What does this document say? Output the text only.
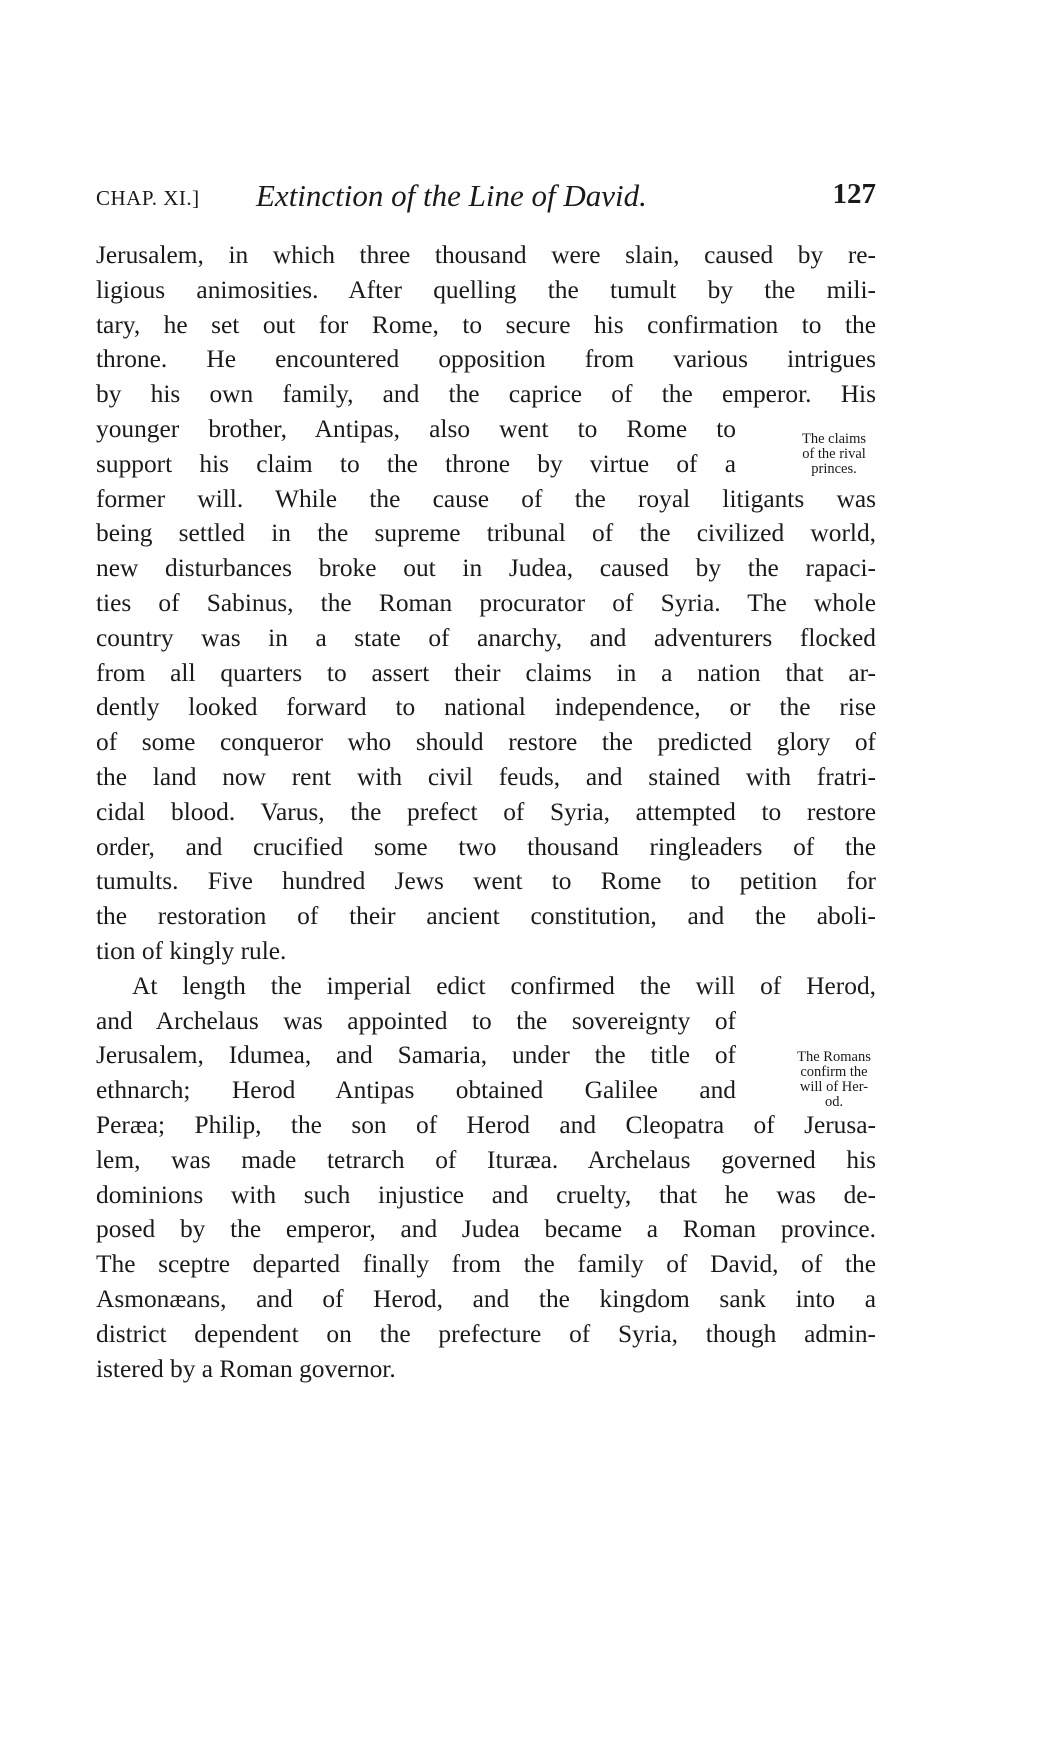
CHAP. XI.] Extinction of the Line of David.	127

Jerusalem, in which three thousand were slain, caused by re-
ligious animosities. After quelling the tumult by the mili-
tary, he set out for Rome, to secure his confirmation to the
throne. He encountered opposition from various intrigues
by his own family, and the caprice of the emperor. His
younger brother, Antipas, also went to Rome to
support his claim to the throne by virtue of a
former will. While the cause of the royal litigants was
being settled in the supreme tribunal of the civilized world,
new disturbances broke out in Judea, caused by the rapaci-
ties of Sabinus, the Roman procurator of Syria. The whole
country was in a state of anarchy, and adventurers flocked
from all quarters to assert their claims in a nation that ar-
dently looked forward to national independence, or the rise
of some conqueror who should restore the predicted glory of
the land now rent with civil feuds, and stained with fratri-
cidal blood. Varus, the prefect of Syria, attempted to restore
order, and crucified some two thousand ringleaders of the
tumults. Five hundred Jews went to Rome to petition for
the restoration of their ancient constitution, and the aboli-
tion of kingly rule.

At length the imperial edict confirmed the will of Herod,
and Archelaus was appointed to the sovereignty of
Jerusalem, Idumea, and Samaria, under the title of
ethnarch; Herod Antipas obtained Galilee and
Peræa; Philip, the son of Herod and Cleopatra of Jerusa-
lem, was made tetrarch of Ituræa. Archelaus governed his
dominions with such injustice and cruelty, that he was de-
posed by the emperor, and Judea became a Roman province.
The sceptre departed finally from the family of David, of the
Asmonæans, and of Herod, and the kingdom sank into a
district dependent on the prefecture of Syria, though admin-
istered by a Roman governor.

The claims
of the rival
princes.
The Romans
confirm the
will of Her-
od.
